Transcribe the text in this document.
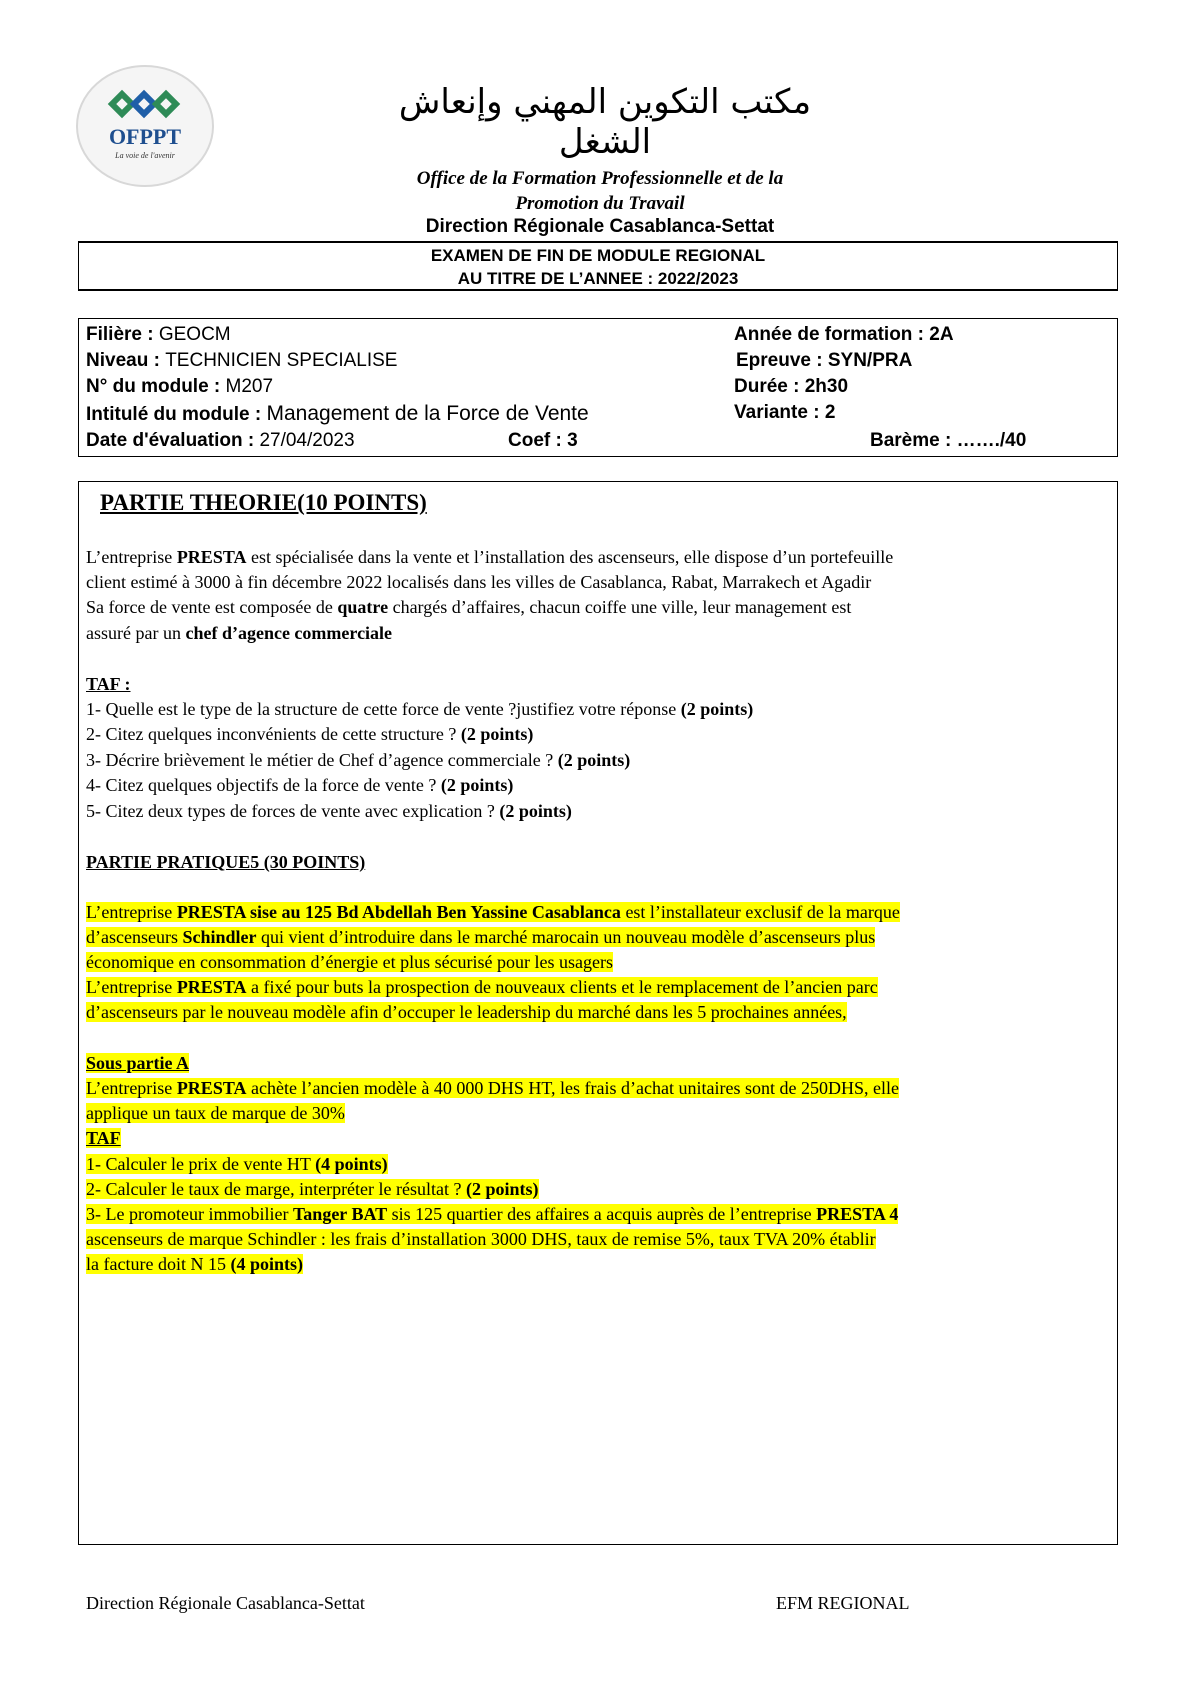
OFPPT
La voie de l'avenir
مكتب التكوين المهني وإنعاش الشغل
Office de la Formation Professionnelle et de la
Promotion du Travail
Direction Régionale Casablanca-Settat
EXAMEN DE FIN DE MODULE REGIONAL
AU TITRE DE L’ANNEE : 2022/2023
Filière : GEOCM
Niveau : TECHNICIEN SPECIALISE
N° du module : M207
Intitulé du module : Management de la Force de Vente
Date d'évaluation : 27/04/2023	Coef : 3
Année de formation : 2A
Epreuve : SYN/PRA
Durée : 2h30
Variante : 2
Barème : ……./40
PARTIE THEORIE(10 POINTS)
L’entreprise PRESTA est spécialisée dans la vente et l’installation des ascenseurs, elle dispose d’un portefeuille
client estimé à 3000 à fin décembre 2022 localisés dans les villes de Casablanca, Rabat, Marrakech et Agadir
Sa force de vente est composée de quatre chargés d’affaires, chacun coiffe une ville, leur management est
assuré par un chef d’agence commerciale
TAF :
1- Quelle est le type de la structure de cette force de vente ?justifiez votre réponse (2 points)
2- Citez quelques inconvénients de cette structure ? (2 points)
3- Décrire brièvement le métier de Chef d’agence commerciale ? (2 points)
4- Citez quelques objectifs de la force de vente ? (2 points)
5- Citez deux types de forces de vente avec explication ? (2 points)
PARTIE PRATIQUE5 (30 POINTS)
L’entreprise PRESTA sise au 125 Bd Abdellah Ben Yassine Casablanca est l’installateur exclusif de la marque
d’ascenseurs Schindler qui vient d’introduire dans le marché marocain un nouveau modèle d’ascenseurs plus
économique en consommation d’énergie et plus sécurisé pour les usagers
L’entreprise PRESTA a fixé pour buts la prospection de nouveaux clients et le remplacement de l’ancien parc
d’ascenseurs par le nouveau modèle afin d’occuper le leadership du marché dans les 5 prochaines années,
Sous partie A
L’entreprise PRESTA achète l’ancien modèle à 40 000 DHS HT, les frais d’achat unitaires sont de 250DHS, elle
applique un taux de marque de 30%
TAF
1- Calculer le prix de vente HT (4 points)
2- Calculer le taux de marge, interpréter le résultat ? (2 points)
3- Le promoteur immobilier Tanger BAT sis 125 quartier des affaires a acquis auprès de l’entreprise PRESTA 4
ascenseurs de marque Schindler : les frais d’installation 3000 DHS, taux de remise 5%, taux TVA 20% établir
la facture doit N 15 (4 points)
Direction Régionale Casablanca-Settat	EFM REGIONAL
